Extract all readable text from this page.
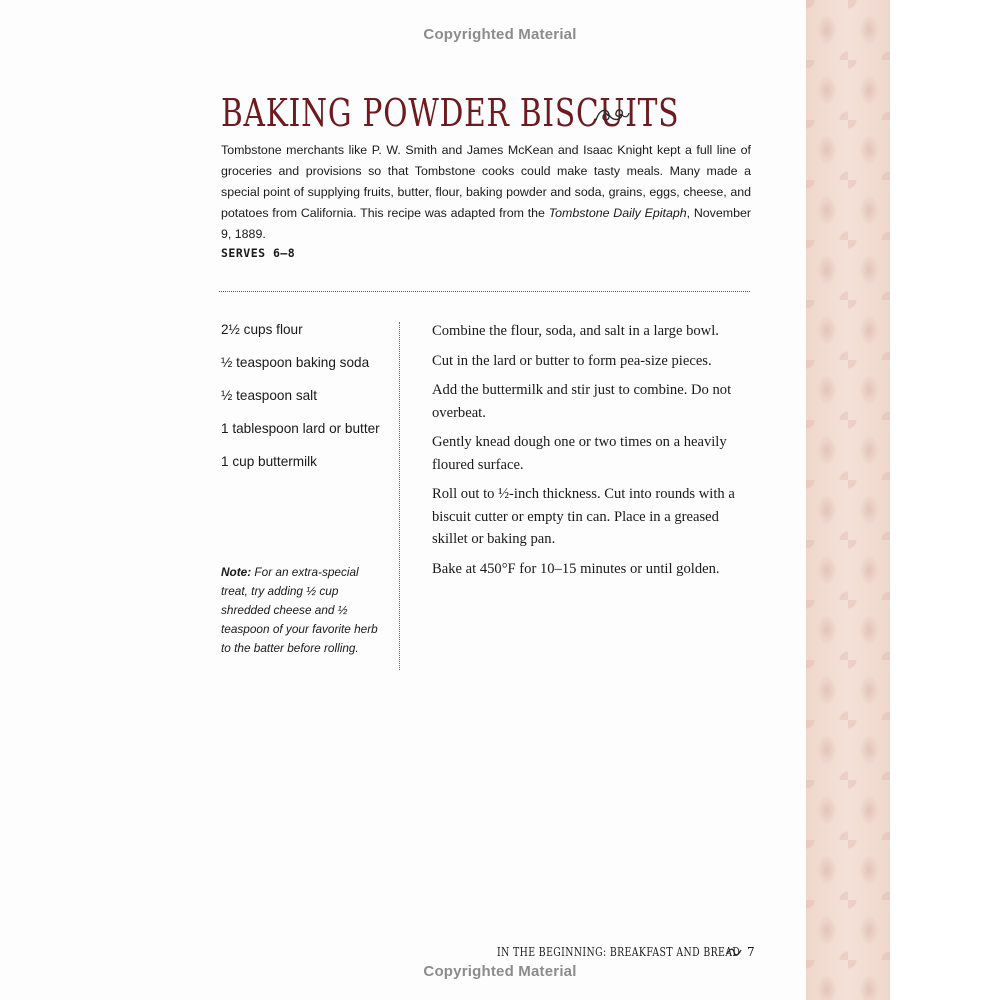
Copyrighted Material
BAKING POWDER BISCUITS
Tombstone merchants like P. W. Smith and James McKean and Isaac Knight kept a full line of groceries and provisions so that Tombstone cooks could make tasty meals. Many made a special point of supplying fruits, butter, flour, baking powder and soda, grains, eggs, cheese, and potatoes from California. This recipe was adapted from the Tombstone Daily Epitaph, November 9, 1889.
SERVES 6–8
2½ cups flour
½ teaspoon baking soda
½ teaspoon salt
1 tablespoon lard or butter
1 cup buttermilk
Note: For an extra-special treat, try adding ½ cup shredded cheese and ½ teaspoon of your favorite herb to the batter before rolling.
Combine the flour, soda, and salt in a large bowl.
Cut in the lard or butter to form pea-size pieces.
Add the buttermilk and stir just to combine. Do not overbeat.
Gently knead dough one or two times on a heavily floured surface.
Roll out to ½-inch thickness. Cut into rounds with a biscuit cutter or empty tin can. Place in a greased skillet or baking pan.
Bake at 450°F for 10–15 minutes or until golden.
IN THE BEGINNING: BREAKFAST AND BREAD 7
Copyrighted Material
